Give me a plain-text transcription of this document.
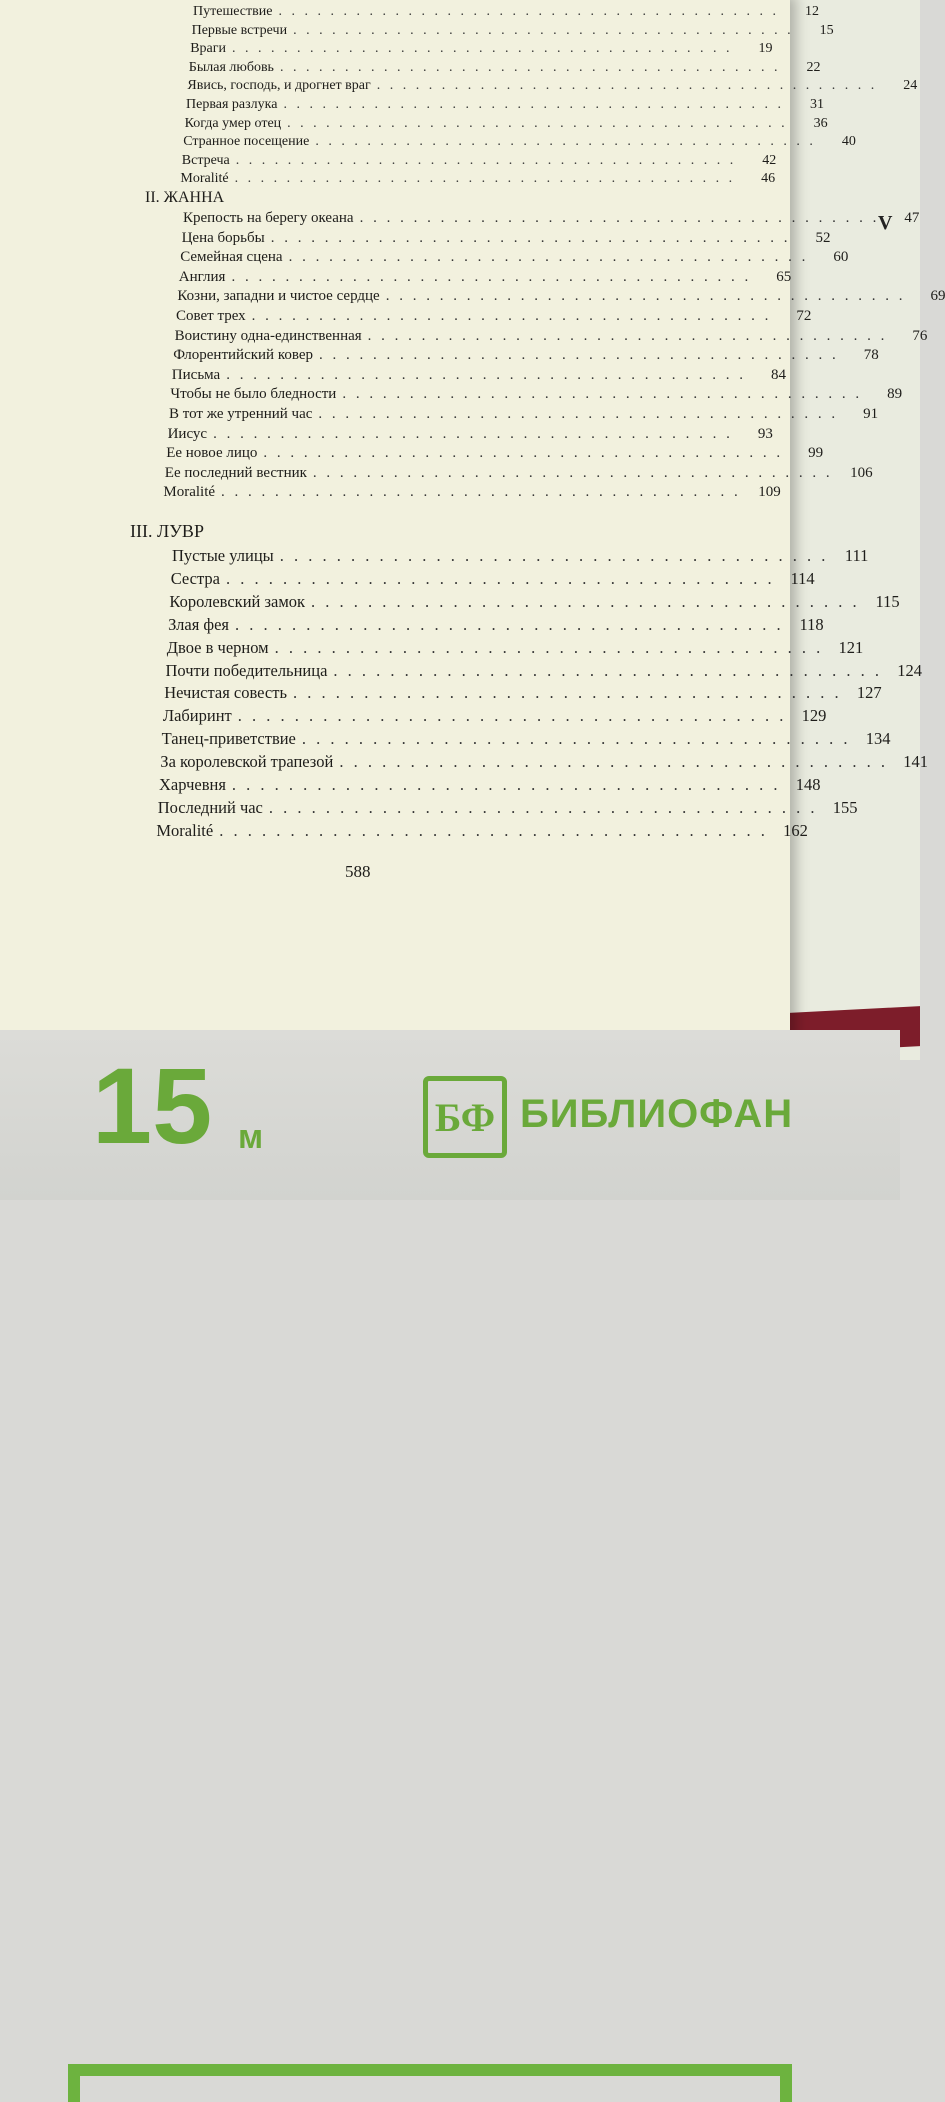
V
Путешествие . . . . . . . . . . . . . . . . . . . . . . . . . . . . . . . . . . . . . . .	12
Первые встречи . . . . . . . . . . . . . . . . . . . . . . . . . . . . . . . . . . . . . . .	15
Враги . . . . . . . . . . . . . . . . . . . . . . . . . . . . . . . . . . . . . . .	19
Былая любовь . . . . . . . . . . . . . . . . . . . . . . . . . . . . . . . . . . . . . . .	22
Явись, господь, и дрогнет враг . . . . . . . . . . . . . . . . . . . . . . . . . . . . . . . . . . . . . . .	24
Первая разлука . . . . . . . . . . . . . . . . . . . . . . . . . . . . . . . . . . . . . . .	31
Когда умер отец . . . . . . . . . . . . . . . . . . . . . . . . . . . . . . . . . . . . . . .	36
Странное посещение . . . . . . . . . . . . . . . . . . . . . . . . . . . . . . . . . . . . . . .	40
Встреча . . . . . . . . . . . . . . . . . . . . . . . . . . . . . . . . . . . . . . .	42
Moralité . . . . . . . . . . . . . . . . . . . . . . . . . . . . . . . . . . . . . . .	46
II. ЖАННА
Крепость на берегу океана . . . . . . . . . . . . . . . . . . . . . . . . . . . . . . . . . . . . . . .	47
Цена борьбы . . . . . . . . . . . . . . . . . . . . . . . . . . . . . . . . . . . . . . .	52
Семейная сцена . . . . . . . . . . . . . . . . . . . . . . . . . . . . . . . . . . . . . . .	60
Англия . . . . . . . . . . . . . . . . . . . . . . . . . . . . . . . . . . . . . . .	65
Козни, западни и чистое сердце . . . . . . . . . . . . . . . . . . . . . . . . . . . . . . . . . . . . . . .	69
Совет трех . . . . . . . . . . . . . . . . . . . . . . . . . . . . . . . . . . . . . . .	72
Воистину одна-единственная . . . . . . . . . . . . . . . . . . . . . . . . . . . . . . . . . . . . . . .	76
Флорентийский ковер . . . . . . . . . . . . . . . . . . . . . . . . . . . . . . . . . . . . . . .	78
Письма . . . . . . . . . . . . . . . . . . . . . . . . . . . . . . . . . . . . . . .	84
Чтобы не было бледности . . . . . . . . . . . . . . . . . . . . . . . . . . . . . . . . . . . . . . .	89
В тот же утренний час . . . . . . . . . . . . . . . . . . . . . . . . . . . . . . . . . . . . . . .	91
Иисус . . . . . . . . . . . . . . . . . . . . . . . . . . . . . . . . . . . . . . .	93
Ее новое лицо . . . . . . . . . . . . . . . . . . . . . . . . . . . . . . . . . . . . . . .	99
Ее последний вестник . . . . . . . . . . . . . . . . . . . . . . . . . . . . . . . . . . . . . . .	106
Moralité . . . . . . . . . . . . . . . . . . . . . . . . . . . . . . . . . . . . . . .	109
III. ЛУВР
Пустые улицы . . . . . . . . . . . . . . . . . . . . . . . . . . . . . . . . . . . . . . . 111
Сестра . . . . . . . . . . . . . . . . . . . . . . . . . . . . . . . . . . . . . . . 114
Королевский замок . . . . . . . . . . . . . . . . . . . . . . . . . . . . . . . . . . . . . . . 115
Злая фея . . . . . . . . . . . . . . . . . . . . . . . . . . . . . . . . . . . . . . . 118
Двое в черном . . . . . . . . . . . . . . . . . . . . . . . . . . . . . . . . . . . . . . . 121
Почти победительница . . . . . . . . . . . . . . . . . . . . . . . . . . . . . . . . . . . . . . . 124
Нечистая совесть . . . . . . . . . . . . . . . . . . . . . . . . . . . . . . . . . . . . . . . 127
Лабиринт . . . . . . . . . . . . . . . . . . . . . . . . . . . . . . . . . . . . . . . 129
Танец-приветствие . . . . . . . . . . . . . . . . . . . . . . . . . . . . . . . . . . . . . . . 134
За королевской трапезой . . . . . . . . . . . . . . . . . . . . . . . . . . . . . . . . . . . . . . . 141
Харчевня . . . . . . . . . . . . . . . . . . . . . . . . . . . . . . . . . . . . . . . 148
Последний час . . . . . . . . . . . . . . . . . . . . . . . . . . . . . . . . . . . . . . . 155
Moralité . . . . . . . . . . . . . . . . . . . . . . . . . . . . . . . . . . . . . . . 162
588
15 м	БФ БИБЛИОФАН
